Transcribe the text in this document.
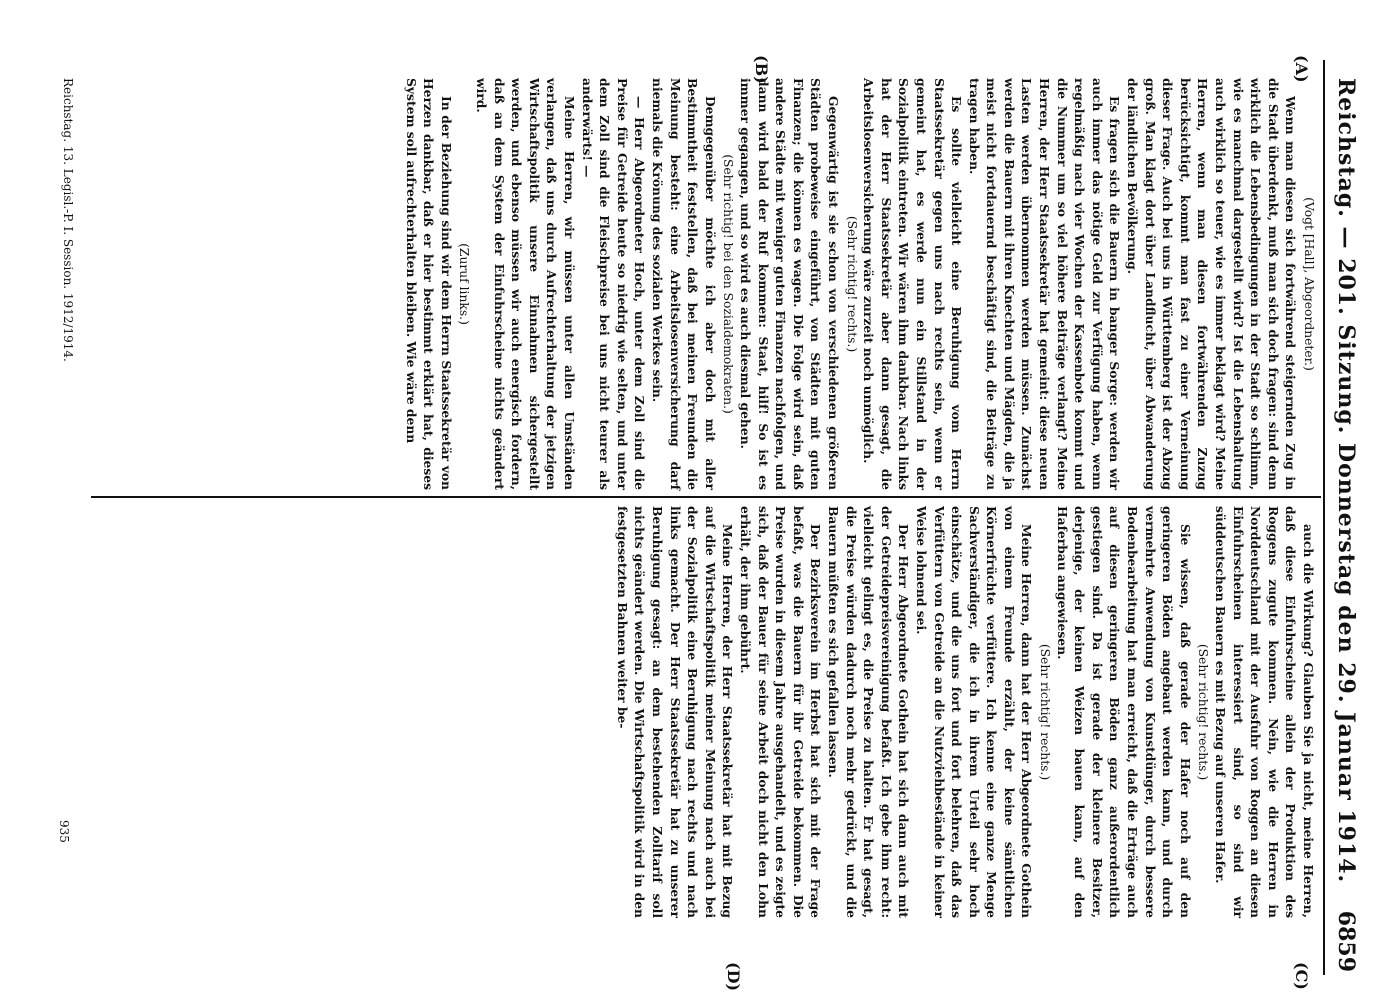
Reichstag. — 201. Sitzung. Donnerstag den 29. Januar 1914.
6859
(A)
(B)
(C)
(D)

(Vogt [Hall], Abgeordneter.)

Wenn man diesen sich fortwährend steigernden Zug in die Stadt überdenkt, muß man sich doch fragen: sind denn wirklich die Lebensbedingungen in der Stadt so schlimm, wie es manchmal dargestellt wird? Ist die Lebenshaltung auch wirklich so teuer, wie es immer beklagt wird? Meine Herren, wenn man diesen fortwährenden Zuzug berücksichtigt, kommt man fast zu einer Verneinung dieser Frage. Auch bei uns in Württemberg ist der Abzug groß. Man klagt dort über Landflucht, über Abwanderung der ländlichen Bevölkerung.

Es fragen sich die Bauern in banger Sorge: werden wir auch immer das nötige Geld zur Verfügung haben, wenn regelmäßig nach vier Wochen der Kassenbote kommt und die Nummer um so viel höhere Beiträge verlangt? Meine Herren, der Herr Staatssekretär hat gemeint: diese neuen Lasten werden übernommen werden müssen. Zunächst werden die Bauern mit ihren Knechten und Mägden, die ja meist nicht fortdauernd beschäftigt sind, die Beiträge zu tragen haben.

Es sollte vielleicht eine Beruhigung vom Herrn Staatssekretär gegen uns nach rechts sein, wenn er gemeint hat, es werde nun ein Stillstand in der Sozialpolitik eintreten. Wir wären ihm dankbar. Nach links hat der Herr Staatssekretär aber dann gesagt, die Arbeitslosenversicherung wäre zurzeit noch unmöglich.

(Sehr richtig! rechts.)

Gegenwärtig ist sie schon von verschiedenen größeren Städten probeweise eingeführt, von Städten mit guten Finanzen; die können es wagen. Die Folge wird sein, daß andere Städte mit weniger guten Finanzen nachfolgen, und dann wird bald der Ruf kommen: Staat, hilf! So ist es immer gegangen, und so wird es auch diesmal gehen.

(Sehr richtig! bei den Sozialdemokraten.)

Demgegenüber möchte ich aber doch mit aller Bestimmtheit feststellen, daß bei meinen Freunden die Meinung besteht: eine Arbeitslosenversicherung darf niemals die Krönung des sozialen Werkes sein.

— Herr Abgeordneter Hoch, unter dem Zoll sind die Preise für Getreide heute so niedrig wie selten, und unter dem Zoll sind die Fleischpreise bei uns nicht teurer als anderwärts! —

Meine Herren, wir müssen unter allen Umständen verlangen, daß uns durch Aufrechterhaltung der jetzigen Wirtschaftspolitik unsere Einnahmen sichergestellt werden, und ebenso müssen wir auch energisch fordern, daß an dem System der Einfuhrscheine nichts geändert wird.

(Zuruf links.)

In der Beziehung sind wir dem Herrn Staatssekretär von Herzen dankbar, daß er hier bestimmt erklärt hat, dieses System soll aufrechterhalten bleiben. Wie wäre denn

auch die Wirkung? Glauben Sie ja nicht, meine Herren, daß diese Einfuhrscheine allein der Produktion des Roggens zugute kommen. Nein, wie die Herren in Norddeutschland mit der Ausfuhr von Roggen an diesen Einfuhrscheinen interessiert sind, so sind wir süddeutschen Bauern es mit Bezug auf unseren Hafer.

(Sehr richtig! rechts.)

Sie wissen, daß gerade der Hafer noch auf den geringeren Böden angebaut werden kann, und durch vermehrte Anwendung von Kunstdünger, durch bessere Bodenbearbeitung hat man erreicht, daß die Erträge auch auf diesen geringeren Böden ganz außerordentlich gestiegen sind. Da ist gerade der kleinere Besitzer, derjenige, der keinen Weizen bauen kann, auf den Haferbau angewiesen.

(Sehr richtig! rechts.)

Meine Herren, dann hat der Herr Abgeordnete Gothein von einem Freunde erzählt, der keine sämtlichen Körnerfrüchte verfüttere. Ich kenne eine ganze Menge Sachverständiger, die ich in ihrem Urteil sehr hoch einschätze, und die uns fort und fort belehren, daß das Verfüttern von Getreide an die Nutzviehbestände in keiner Weise lohnend sei.

Der Herr Abgeordnete Gothein hat sich dann auch mit der Getreidepreisvereinigung befaßt. Ich gebe ihm recht: vielleicht gelingt es, die Preise zu halten. Er hat gesagt, die Preise würden dadurch noch mehr gedrückt, und die Bauern müßten es sich gefallen lassen.

Der Bezirksverein im Herbst hat sich mit der Frage befaßt, was die Bauern für ihr Getreide bekommen. Die Preise wurden in diesem Jahre ausgehandelt, und es zeigte sich, daß der Bauer für seine Arbeit doch nicht den Lohn erhält, der ihm gebührt.

Meine Herren, der Herr Staatssekretär hat mit Bezug auf die Wirtschaftspolitik meiner Meinung nach auch bei der Sozialpolitik eine Beruhigung nach rechts und nach links gemacht. Der Herr Staatssekretär hat zu unserer Beruhigung gesagt: an dem bestehenden Zolltarif soll nichts geändert werden. Die Wirtschaftspolitik wird in den festgesetzten Bahnen weiter be-

Reichstag. 13. Legisl.-P. I. Session. 1912/1914.
935
